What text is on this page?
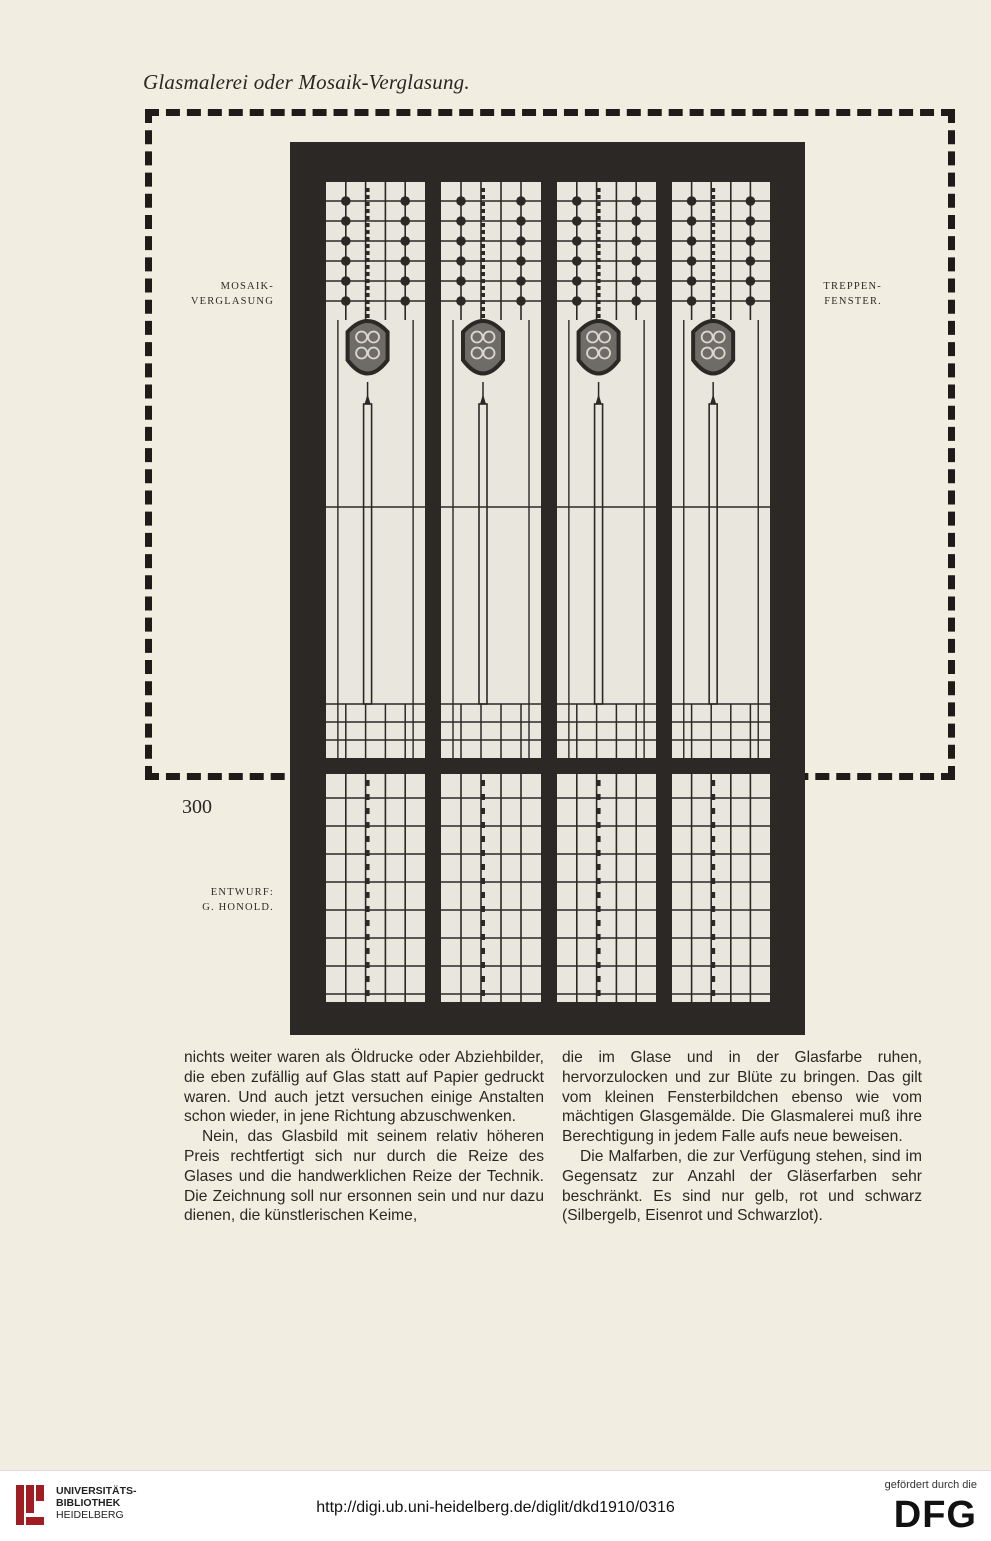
Glasmalerei oder Mosaik-Verglasung.
MOSAIK-
VERGLASUNG
TREPPEN-
FENSTER.
ENTWURF:
G. HONOLD.

nichts weiter waren als Öldrucke oder Abziehbilder, die eben zufällig auf Glas statt auf Papier gedruckt waren. Und auch jetzt versuchen einige Anstalten schon wieder, in jene Richtung abzuschwenken.

Nein, das Glasbild mit seinem relativ höheren Preis rechtfertigt sich nur durch die Reize des Glases und die handwerklichen Reize der Technik. Die Zeichnung soll nur ersonnen sein und nur dazu dienen, die künstlerischen Keime,

die im Glase und in der Glasfarbe ruhen, hervorzulocken und zur Blüte zu bringen. Das gilt vom kleinen Fensterbildchen ebenso wie vom mächtigen Glasgemälde. Die Glasmalerei muß ihre Berechtigung in jedem Falle aufs neue beweisen.

Die Malfarben, die zur Verfügung stehen, sind im Gegensatz zur Anzahl der Gläserfarben sehr beschränkt. Es sind nur gelb, rot und schwarz (Silbergelb, Eisenrot und Schwarzlot).

300
UNIVERSITÄTS-
BIBLIOTHEK
HEIDELBERG	http://digi.ub.uni-heidelberg.de/diglit/dkd1910/0316
gefördert durch die
DFG
